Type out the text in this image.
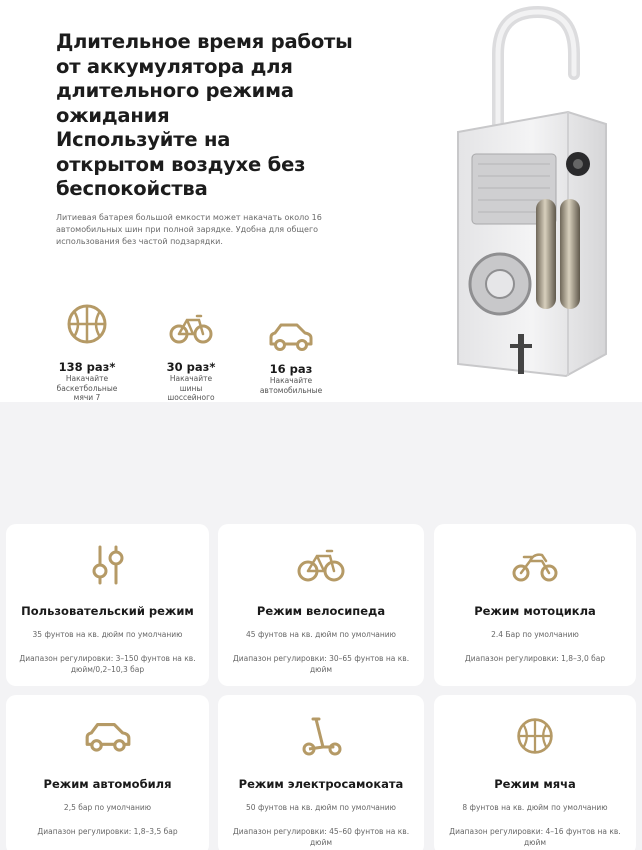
Длительное время работы
от аккумулятора для
длительного режима
ожидания
Используйте на
открытом воздухе без
беспокойства

Литиевая батарея большой емкости может накачать около 16 автомобильных шин при полной зарядке. Удобна для общего использования без частой подзарядки.

138 раз*
Накачайте
баскетбольные
мячи 7
30 раз*
Накачайте
шины
шоссейного
16 раз
Накачайте
автомобильные
Пользовательский режим
35 фунтов на кв. дюйм по умолчанию
Диапазон регулировки: 3–150 фунтов на кв. дюйм/0,2–10,3 бар
Режим велосипеда
45 фунтов на кв. дюйм по умолчанию
Диапазон регулировки: 30–65 фунтов на кв. дюйм
Режим мотоцикла
2.4 Бар по умолчанию
Диапазон регулировки: 1,8–3,0 бар
Режим автомобиля
2,5 бар по умолчанию
Диапазон регулировки: 1,8–3,5 бар
Режим электросамоката
50 фунтов на кв. дюйм по умолчанию
Диапазон регулировки: 45–60 фунтов на кв. дюйм
Режим мяча
8 фунтов на кв. дюйм по умолчанию
Диапазон регулировки: 4–16 фунтов на кв. дюйм
